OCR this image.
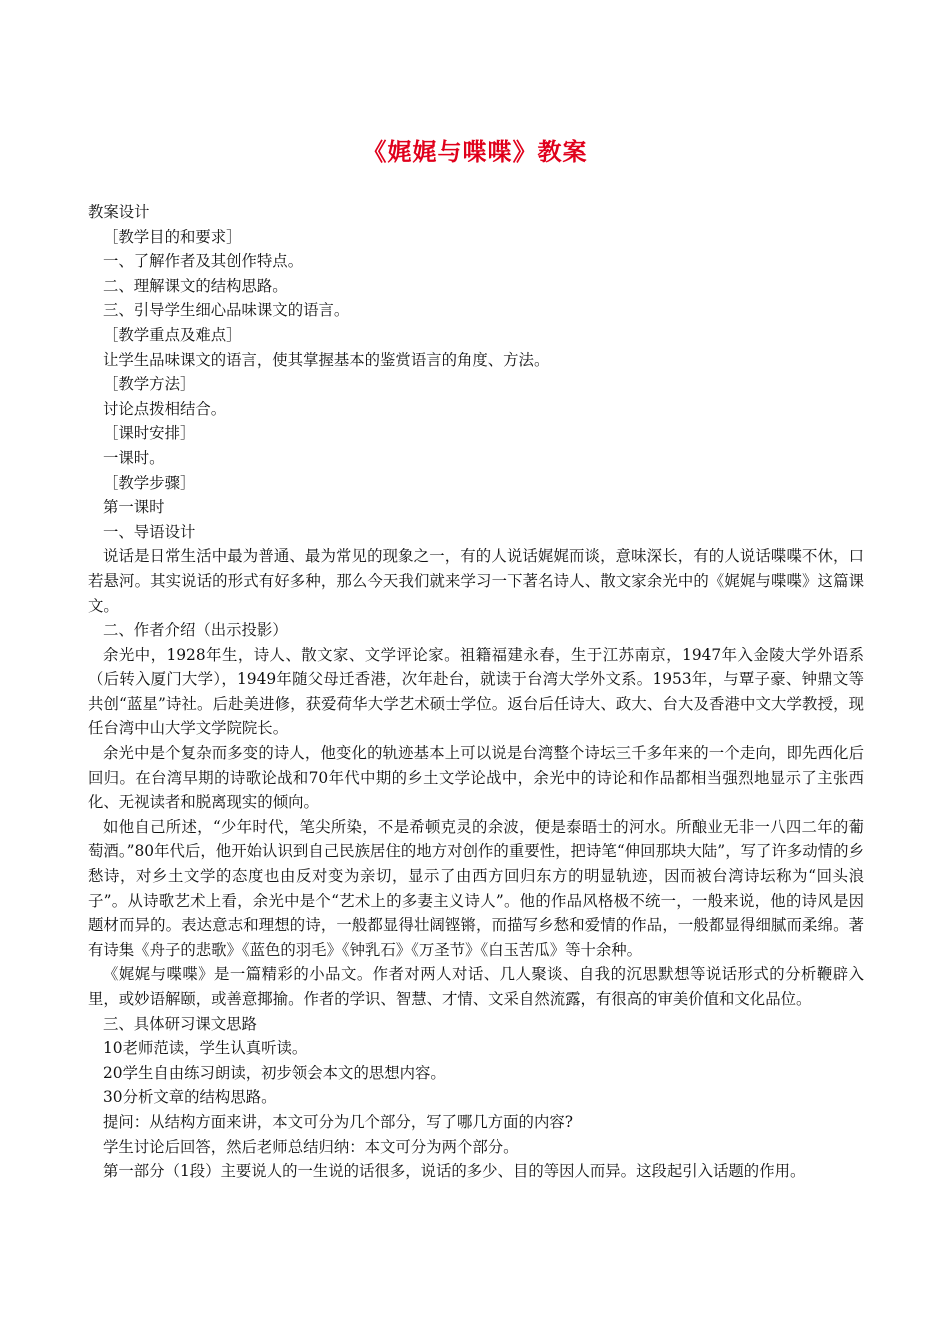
《娓娓与喋喋》教案

教案设计

［教学目的和要求］

一、了解作者及其创作特点。

二、理解课文的结构思路。

三、引导学生细心品味课文的语言。

［教学重点及难点］

让学生品味课文的语言，使其掌握基本的鉴赏语言的角度、方法。

［教学方法］

讨论点拨相结合。

［课时安排］

一课时。

［教学步骤］

第一课时

一、导语设计

说话是日常生活中最为普通、最为常见的现象之一，有的人说话娓娓而谈，意味深长，有的人说话喋喋不休，口若悬河。其实说话的形式有好多种，那么今天我们就来学习一下著名诗人、散文家余光中的《娓娓与喋喋》这篇课文。

二、作者介绍（出示投影）

余光中，1928年生，诗人、散文家、文学评论家。祖籍福建永春，生于江苏南京，1947年入金陵大学外语系（后转入厦门大学），1949年随父母迁香港，次年赴台，就读于台湾大学外文系。1953年，与覃子豪、钟鼎文等共创“蓝星”诗社。后赴美进修，获爱荷华大学艺术硕士学位。返台后任诗大、政大、台大及香港中文大学教授，现任台湾中山大学文学院院长。

余光中是个复杂而多变的诗人，他变化的轨迹基本上可以说是台湾整个诗坛三千多年来的一个走向，即先西化后回归。在台湾早期的诗歌论战和70年代中期的乡土文学论战中，余光中的诗论和作品都相当强烈地显示了主张西化、无视读者和脱离现实的倾向。

如他自己所述，“少年时代，笔尖所染，不是希顿克灵的余波，便是泰晤士的河水。所酿业无非一八四二年的葡萄酒。”80年代后，他开始认识到自己民族居住的地方对创作的重要性，把诗笔“伸回那块大陆”，写了许多动情的乡愁诗，对乡土文学的态度也由反对变为亲切，显示了由西方回归东方的明显轨迹，因而被台湾诗坛称为“回头浪子”。从诗歌艺术上看，余光中是个“艺术上的多妻主义诗人”。他的作品风格极不统一，一般来说，他的诗风是因题材而异的。表达意志和理想的诗，一般都显得壮阔铿锵，而描写乡愁和爱情的作品，一般都显得细腻而柔绵。著有诗集《舟子的悲歌》《蓝色的羽毛》《钟乳石》《万圣节》《白玉苦瓜》等十余种。

《娓娓与喋喋》是一篇精彩的小品文。作者对两人对话、几人聚谈、自我的沉思默想等说话形式的分析鞭辟入里，或妙语解颐，或善意揶揄。作者的学识、智慧、才情、文采自然流露，有很高的审美价值和文化品位。

三、具体研习课文思路

10老师范读，学生认真听读。

20学生自由练习朗读，初步领会本文的思想内容。

30分析文章的结构思路。

提问：从结构方面来讲，本文可分为几个部分，写了哪几方面的内容?

学生讨论后回答，然后老师总结归纳：本文可分为两个部分。

第一部分（1段）主要说人的一生说的话很多，说话的多少、目的等因人而异。这段起引入话题的作用。
